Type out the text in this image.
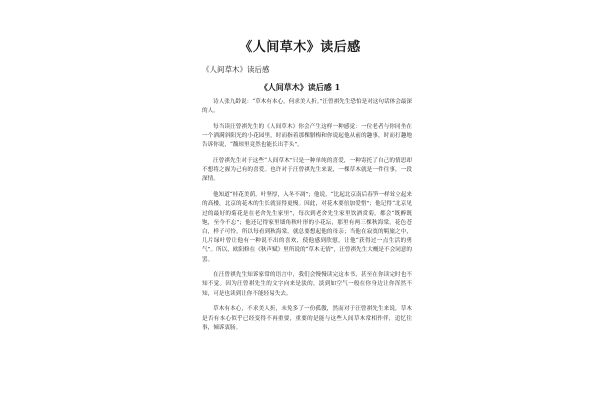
《人间草木》读后感
《人间草木》读后感
《人间草木》读后感 1

诗人张九龄说：“草木有本心，何求美人折。”汪曾祺先生恐怕是对这句话体会最深的人。

每当读汪曾祺先生的《人间草木》你会产生这样一种感觉：一位老者与你同坐在一个洒满斜阳光的小花园里，时而指着那棵腊梅和你说起他从前的趣事，时而打趣地告诉你说，“馥琼里竟然也能长出芋头”。

汪曾祺先生对于这些“人间草木”只是一种单纯的喜爱，一种寄托了自己的情思却不想将之握为己有的喜爱。也许对于汪曾祺先生来说，一棵草木就是一件往事，一段深情。

他知道“桂花美荫，叶坚厚，入冬不凋”；他说，“比起北京南后春笋一样耸立起来的高楼，北京的花木的生长就显得更慢。因此，对花木要倍加爱惜”；他记得“北京见过的最好的菊花是在老舍先生家里”，每次到老舍先生家里饮酒赏菊，都会“既醉既饱，至今不忘”；他还记得家里墙角秋叶形的小花坛，那里有两三棵秋海棠，花色苍白，样子可怜，所以每看到秋海棠，就总要想起他的母亲；当他在寂寞的羁旅之中，几片绿叶曾让他有一种说不出的喜欢，使他感到欣慰，让他“获得过一点生活的勇气”。所以，欧阳修在《秋声赋》里所说的“草木无情”，汪曾祺先生大概是不会同意的罢。

在汪曾祺先生知诉家常的语言中，我们会慢慢读完这本书，甚至在你读完时也不知不觉。因为汪曾祺先生的文字向来是淡的，淡到如空气一般在你身边让你浑然不知，可是也读到让你不能轻易失去。

草木有本心，不求美人折，未免多了一份孤傲，然而对于汪曾祺先生来说，草木是否有本心似乎已经变得不再重要，重要的是能与这些人间草木常相作伴，追忆往事，倾诉衷肠。
